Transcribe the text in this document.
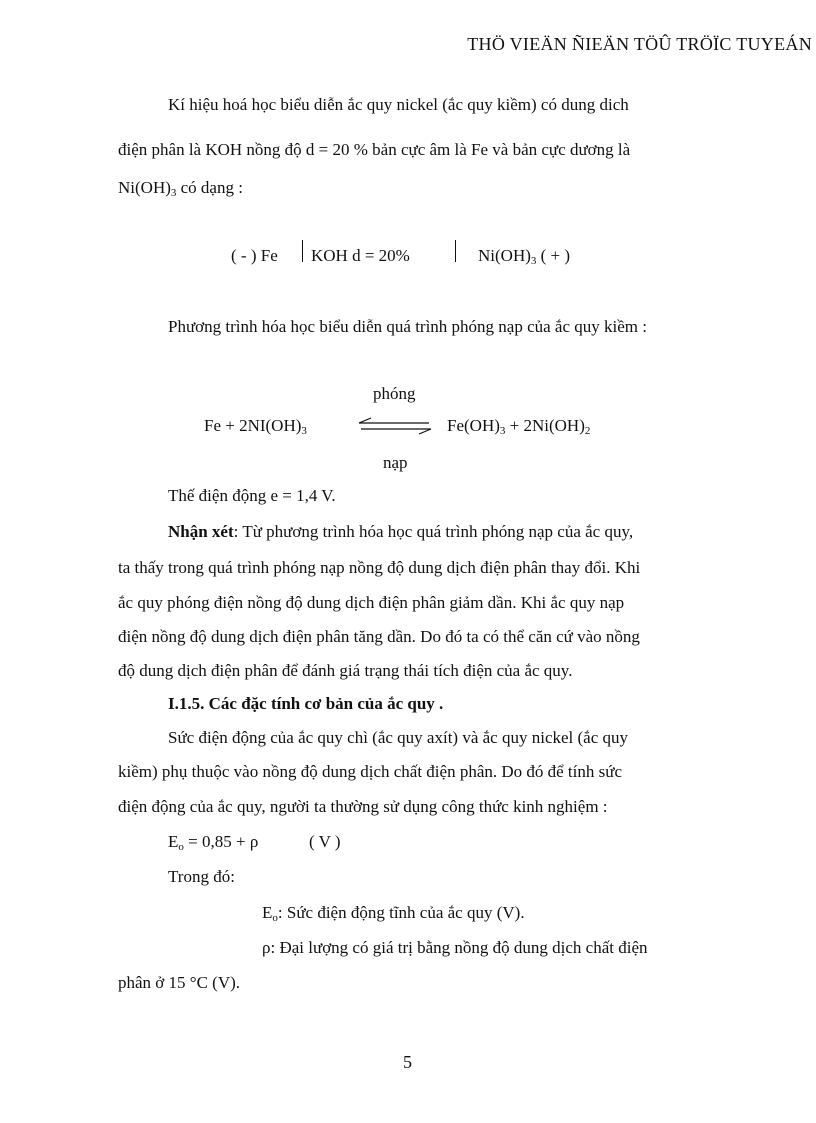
THÖ VIEÄN ÑIEÄN TÖÛ TRÖÏC TUYEÁN
Kí hiệu hoá học biểu diễn ắc quy nickel (ắc quy kiềm) có dung dich
điện phân là KOH nồng độ d = 20 % bản cực âm là Fe và bản cực dương là
$Ni(OH)_3$ có dạng :
( - ) Fe KOH d = 20%	$Ni(OH)_3$ ( + )
Phương trình hóa học biểu diễn quá trình phóng nạp của ắc quy kiềm :
phóng
$Fe + 2NI(OH)_3$	$Fe(OH)_3 + 2Ni(OH)_2$
nạp
Thế điện động e = 1,4 V.
Nhận xét: Từ phương trình hóa học quá trình phóng nạp của ắc quy,
ta thấy trong quá trình phóng nạp nồng độ dung dịch điện phân thay đổi. Khi
ắc quy phóng điện nồng độ dung dịch điện phân giảm dần. Khi ắc quy nạp
điện nồng độ dung dịch điện phân tăng dần. Do đó ta có thể căn cứ vào nồng
độ dung dịch điện phân để đánh giá trạng thái tích điện của ắc quy.
I.1.5. Các đặc tính cơ bản của ắc quy .
Sức điện động của ắc quy chì (ắc quy axít) và ắc quy nickel (ắc quy
kiềm) phụ thuộc vào nồng độ dung dịch chất điện phân. Do đó để tính sức
điện động của ắc quy, người ta thường sử dụng công thức kinh nghiệm :
$E_o = 0,85 + \rho$	( V )
Trong đó:
$E_o$: Sức điện động tĩnh của ắc quy (V).
ρ: Đại lượng có giá trị bằng nồng độ dung dịch chất điện
phân ở 15 °C (V).
5
